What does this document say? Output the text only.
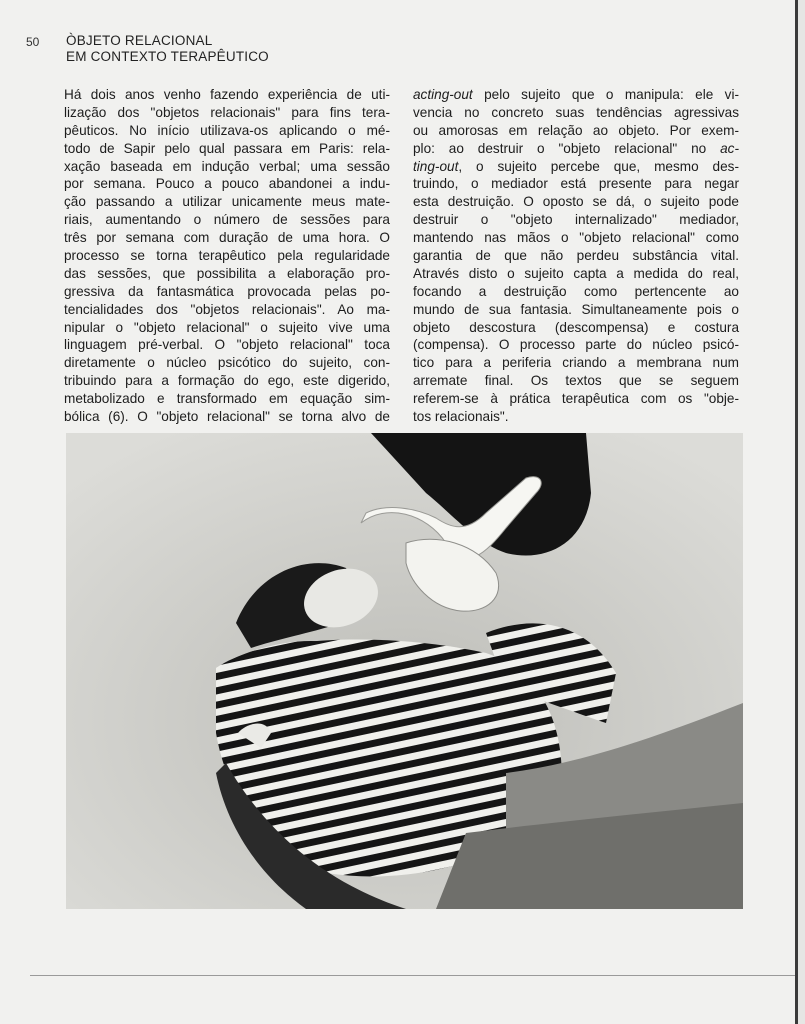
50 ÒBJETO RELACIONAL
EM CONTEXTO TERAPÊUTICO
Há dois anos venho fazendo experiência de uti-
lização dos "objetos relacionais" para fins tera-
pêuticos. No início utilizava-os aplicando o mé-
todo de Sapir pelo qual passara em Paris: rela-
xação baseada em indução verbal; uma sessão
por semana. Pouco a pouco abandonei a indu-
ção passando a utilizar unicamente meus mate-
riais, aumentando o número de sessões para
três por semana com duração de uma hora. O
processo se torna terapêutico pela regularidade
das sessões, que possibilita a elaboração pro-
gressiva da fantasmática provocada pelas po-
tencialidades dos "objetos relacionais". Ao ma-
nipular o "objeto relacional" o sujeito vive uma
linguagem pré-verbal. O "objeto relacional" toca
diretamente o núcleo psicótico do sujeito, con-
tribuindo para a formação do ego, este digerido,
metabolizado e transformado em equação sim-
bólica (6). O "objeto relacional" se torna alvo de
acting-out pelo sujeito que o manipula: ele vi-
vencia no concreto suas tendências agressivas
ou amorosas em relação ao objeto. Por exem-
plo: ao destruir o "objeto relacional" no ac-
ting-out, o sujeito percebe que, mesmo des-
truindo, o mediador está presente para negar
esta destruição. O oposto se dá, o sujeito pode
destruir o "objeto internalizado" mediador,
mantendo nas mãos o "objeto relacional" como
garantia de que não perdeu substância vital.
Através disto o sujeito capta a medida do real,
focando a destruição como pertencente ao
mundo de sua fantasia. Simultaneamente pois o
objeto descostura (descompensa) e costura
(compensa). O processo parte do núcleo psicó-
tico para a periferia criando a membrana num
arremate final. Os textos que se seguem
referem-se à prática terapêutica com os "obje-
tos relacionais".
